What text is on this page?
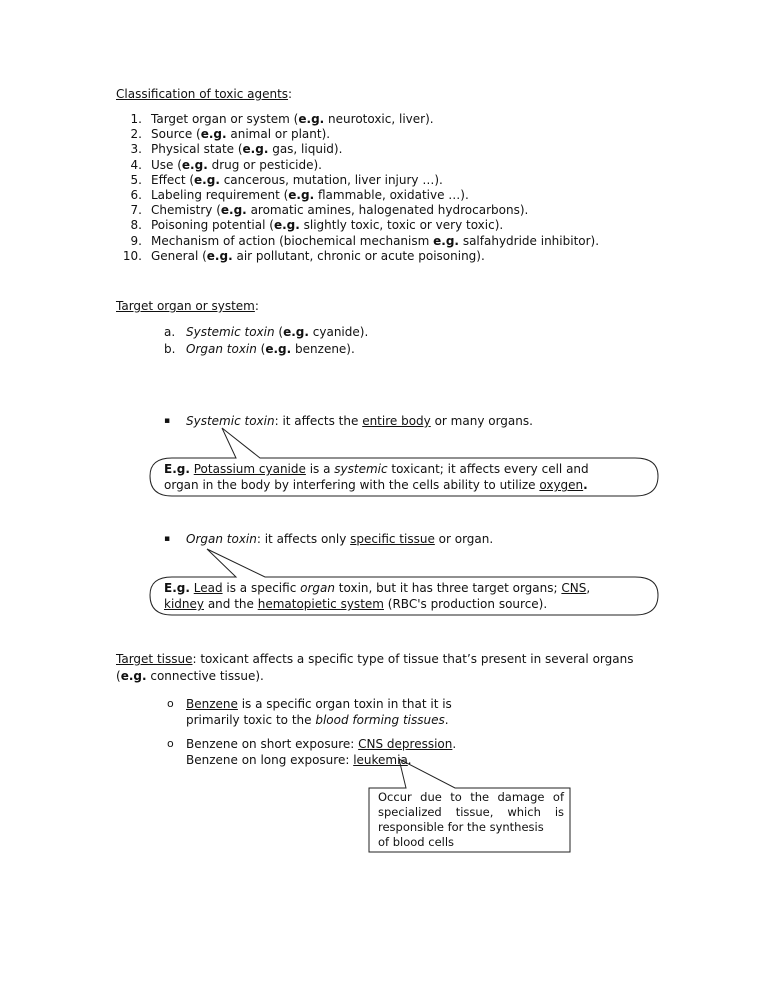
Classification of toxic agents:
1. Target organ or system (e.g. neurotoxic, liver).
2. Source (e.g. animal or plant).
3. Physical state (e.g. gas, liquid).
4. Use (e.g. drug or pesticide).
5. Effect (e.g. cancerous, mutation, liver injury …).
6. Labeling requirement (e.g. flammable, oxidative …).
7. Chemistry (e.g. aromatic amines, halogenated hydrocarbons).
8. Poisoning potential (e.g. slightly toxic, toxic or very toxic).
9. Mechanism of action (biochemical mechanism e.g. salfahydride inhibitor).
10. General (e.g. air pollutant, chronic or acute poisoning).
Target organ or system:
a. Systemic toxin (e.g. cyanide).
b. Organ toxin (e.g. benzene).
▪ Systemic toxin: it affects the entire body or many organs.
E.g. Potassium cyanide is a systemic toxicant; it affects every cell and
organ in the body by interfering with the cells ability to utilize oxygen.
▪ Organ toxin: it affects only specific tissue or organ.
E.g. Lead is a specific organ toxin, but it has three target organs; CNS,
kidney and the hematopietic system (RBC's production source).
Target tissue: toxicant affects a specific type of tissue that’s present in several organs
(e.g. connective tissue).
o Benzene is a specific organ toxin in that it is
primarily toxic to the blood forming tissues.
o Benzene on short exposure: CNS depression.
Benzene on long exposure: leukemia.
Occur due to the damage of
specialized tissue, which is
responsible for the synthesis
of blood cells
